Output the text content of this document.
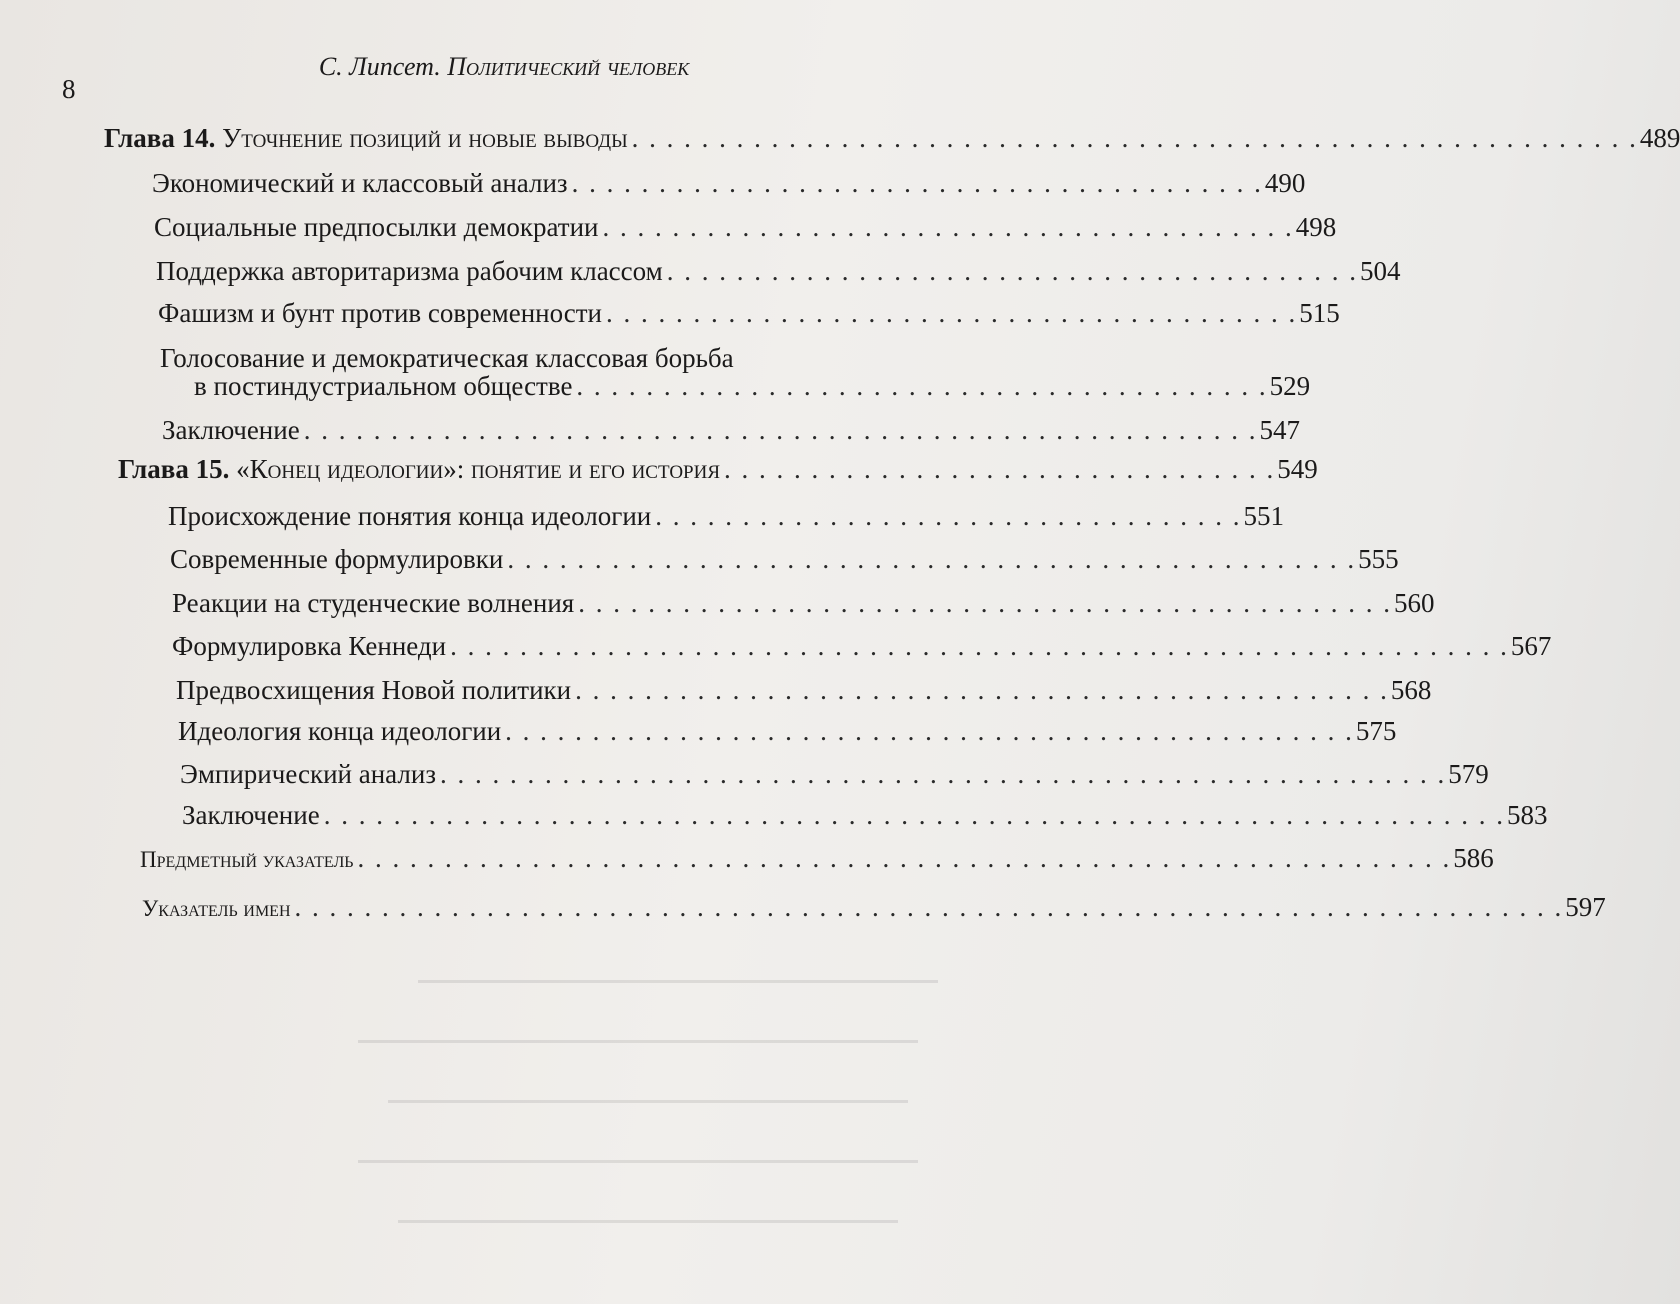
8
С. Липсет. Политический человек
Глава 14. Уточнение позиций и новые выводы . . . . . . . . . . . . . . . . . . . . . . . . . . . . . . . . . . . . . . . . . . . . . . . . . . . . . . . . . . 489
Экономический и классовый анализ . . . . . . . . . . . . . . . . . . . . . . . . . . . . . . . . . . . . . . . . 490
Социальные предпосылки демократии . . . . . . . . . . . . . . . . . . . . . . . . . . . . . . . . . . . . . . . . 498
Поддержка авторитаризма рабочим классом . . . . . . . . . . . . . . . . . . . . . . . . . . . . . . . . . . . . . . . . 504
Фашизм и бунт против современности . . . . . . . . . . . . . . . . . . . . . . . . . . . . . . . . . . . . . . . . 515
Голосование и демократическая классовая борьба
в постиндустриальном обществе . . . . . . . . . . . . . . . . . . . . . . . . . . . . . . . . . . . . . . . . 529
Заключение . . . . . . . . . . . . . . . . . . . . . . . . . . . . . . . . . . . . . . . . . . . . . . . . . . . . . . . 547
Глава 15. «Конец идеологии»: понятие и его история . . . . . . . . . . . . . . . . . . . . . . . . . . . . . . . . 549
Происхождение понятия конца идеологии . . . . . . . . . . . . . . . . . . . . . . . . . . . . . . . . . . 551
Современные формулировки . . . . . . . . . . . . . . . . . . . . . . . . . . . . . . . . . . . . . . . . . . . . . . . . . 555
Реакции на студенческие волнения . . . . . . . . . . . . . . . . . . . . . . . . . . . . . . . . . . . . . . . . . . . . . . . 560
Формулировка Кеннеди . . . . . . . . . . . . . . . . . . . . . . . . . . . . . . . . . . . . . . . . . . . . . . . . . . . . . . . . . . . . . 567
Предвосхищения Новой политики . . . . . . . . . . . . . . . . . . . . . . . . . . . . . . . . . . . . . . . . . . . . . . . 568
Идеология конца идеологии . . . . . . . . . . . . . . . . . . . . . . . . . . . . . . . . . . . . . . . . . . . . . . . . . 575
Эмпирический анализ . . . . . . . . . . . . . . . . . . . . . . . . . . . . . . . . . . . . . . . . . . . . . . . . . . . . . . . . . . 579
Заключение . . . . . . . . . . . . . . . . . . . . . . . . . . . . . . . . . . . . . . . . . . . . . . . . . . . . . . . . . . . . . . . . . . . . 583
Предметный указатель . . . . . . . . . . . . . . . . . . . . . . . . . . . . . . . . . . . . . . . . . . . . . . . . . . . . . . . . . . . . . . . 586
Указатель имен . . . . . . . . . . . . . . . . . . . . . . . . . . . . . . . . . . . . . . . . . . . . . . . . . . . . . . . . . . . . . . . . . . . . . . . . . 597
